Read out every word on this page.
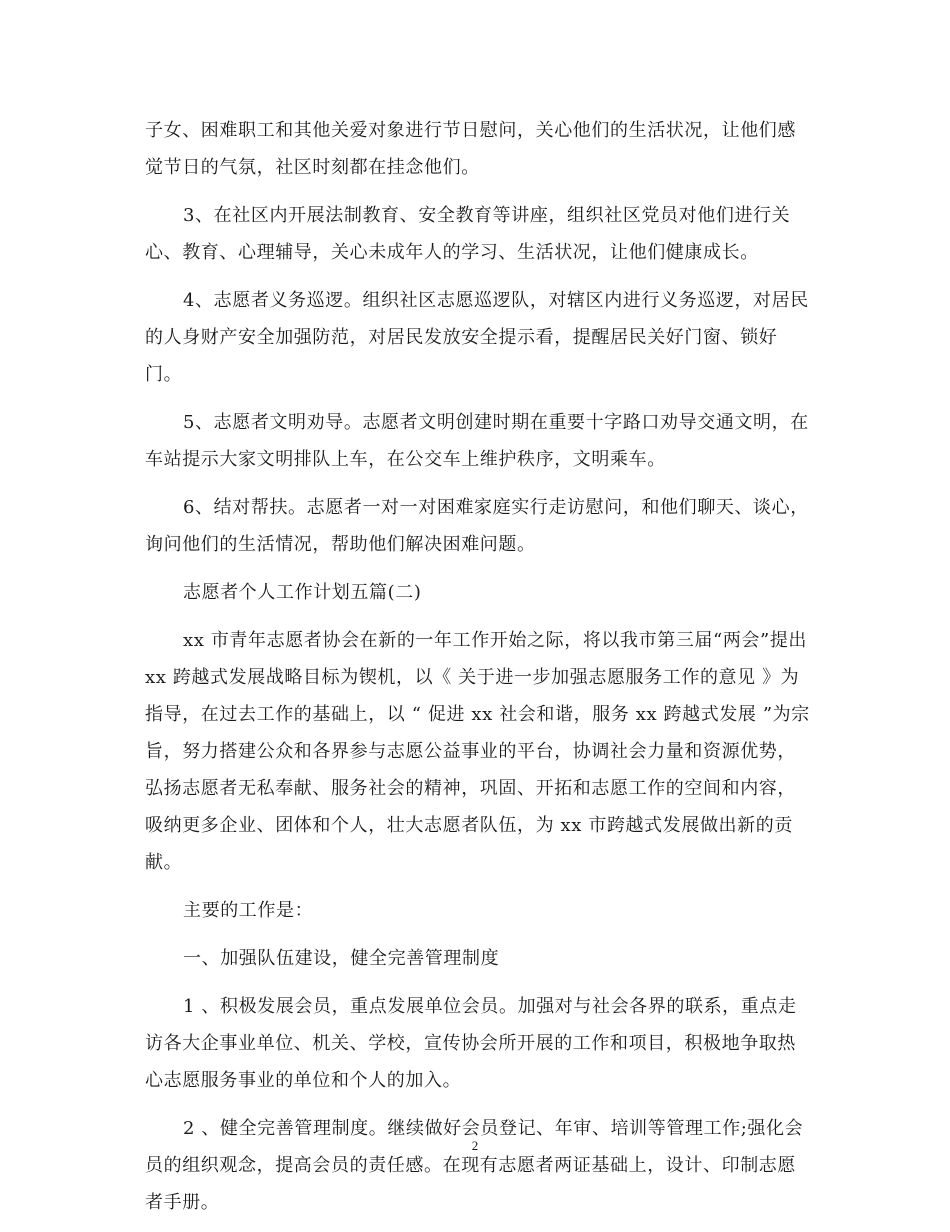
子女、困难职工和其他关爱对象进行节日慰问，关心他们的生活状况，让他们感觉节日的气氛，社区时刻都在挂念他们。

3、在社区内开展法制教育、安全教育等讲座，组织社区党员对他们进行关心、教育、心理辅导，关心未成年人的学习、生活状况，让他们健康成长。

4、志愿者义务巡逻。组织社区志愿巡逻队，对辖区内进行义务巡逻，对居民的人身财产安全加强防范，对居民发放安全提示看，提醒居民关好门窗、锁好门。

5、志愿者文明劝导。志愿者文明创建时期在重要十字路口劝导交通文明，在车站提示大家文明排队上车，在公交车上维护秩序，文明乘车。

6、结对帮扶。志愿者一对一对困难家庭实行走访慰问，和他们聊天、谈心，询问他们的生活情况，帮助他们解决困难问题。

志愿者个人工作计划五篇(二)

xx 市青年志愿者协会在新的一年工作开始之际，将以我市第三届“两会”提出 xx 跨越式发展战略目标为锲机，以《 关于进一步加强志愿服务工作的意见 》为指导，在过去工作的基础上，以 “ 促进 xx 社会和谐，服务 xx 跨越式发展 ”为宗旨，努力搭建公众和各界参与志愿公益事业的平台，协调社会力量和资源优势，弘扬志愿者无私奉献、服务社会的精神，巩固、开拓和志愿工作的空间和内容，吸纳更多企业、团体和个人，壮大志愿者队伍，为 xx 市跨越式发展做出新的贡献。

主要的工作是：

一、加强队伍建设，健全完善管理制度

1 、积极发展会员，重点发展单位会员。加强对与社会各界的联系，重点走访各大企事业单位、机关、学校，宣传协会所开展的工作和项目，积极地争取热心志愿服务事业的单位和个人的加入。

2 、健全完善管理制度。继续做好会员登记、年审、培训等管理工作;强化会员的组织观念，提高会员的责任感。在现有志愿者两证基础上，设计、印制志愿者手册。

2
